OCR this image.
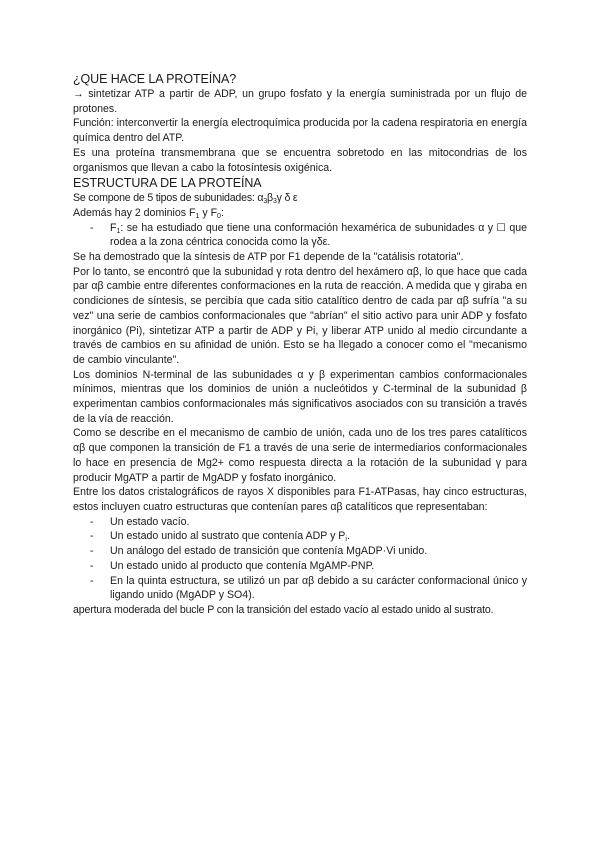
¿QUE HACE LA PROTEÍNA?

→ sintetizar ATP a partir de ADP, un grupo fosfato y la energía suministrada por un flujo de protones.

Función: interconvertir la energía electroquímica producida por la cadena respiratoria en energía química dentro del ATP.

Es una proteína transmembrana que se encuentra sobretodo en las mitocondrias de los organismos que llevan a cabo la fotosíntesis oxigénica.

ESTRUCTURA DE LA PROTEÍNA

Se compone de 5 tipos de subunidades: $\alpha_3\beta_3\gamma$ δ ε

Además hay 2 dominios $F_1$ y $F_0$:

- $F_1$: se ha estudiado que tiene una conformación hexamérica de subunidades α y ☐ que rodea a la zona céntrica conocida como la γδε.

Se ha demostrado que la síntesis de ATP por F1 depende de la "catálisis rotatoria".

Por lo tanto, se encontró que la subunidad γ rota dentro del hexámero αβ, lo que hace que cada par αβ cambie entre diferentes conformaciones en la ruta de reacción. A medida que γ giraba en condiciones de síntesis, se percibía que cada sitio catalítico dentro de cada par αβ sufría "a su vez" una serie de cambios conformacionales que "abrían" el sitio activo para unir ADP y fosfato inorgánico (Pi), sintetizar ATP a partir de ADP y Pi, y liberar ATP unido al medio circundante a través de cambios en su afinidad de unión. Esto se ha llegado a conocer como el "mecanismo de cambio vinculante".

Los dominios N-terminal de las subunidades α y β experimentan cambios conformacionales mínimos, mientras que los dominios de unión a nucleótidos y C-terminal de la subunidad β experimentan cambios conformacionales más significativos asociados con su transición a través de la vía de reacción.

Como se describe en el mecanismo de cambio de unión, cada uno de los tres pares catalíticos αβ que componen la transición de F1 a través de una serie de intermediarios conformacionales lo hace en presencia de Mg2+ como respuesta directa a la rotación de la subunidad γ para producir MgATP a partir de MgADP y fosfato inorgánico.

Entre los datos cristalográficos de rayos X disponibles para F1-ATPasas, hay cinco estructuras, estos incluyen cuatro estructuras que contenían pares αβ catalíticos que representaban:

- Un estado vacío.
- Un estado unido al sustrato que contenía ADP y $P_i$.
- Un análogo del estado de transición que contenía MgADP·Vi unido.
- Un estado unido al producto que contenía MgAMP-PNP.
- En la quinta estructura, se utilizó un par αβ debido a su carácter conformacional único y ligando unido (MgADP y SO4).

apertura moderada del bucle P con la transición del estado vacío al estado unido al sustrato.
